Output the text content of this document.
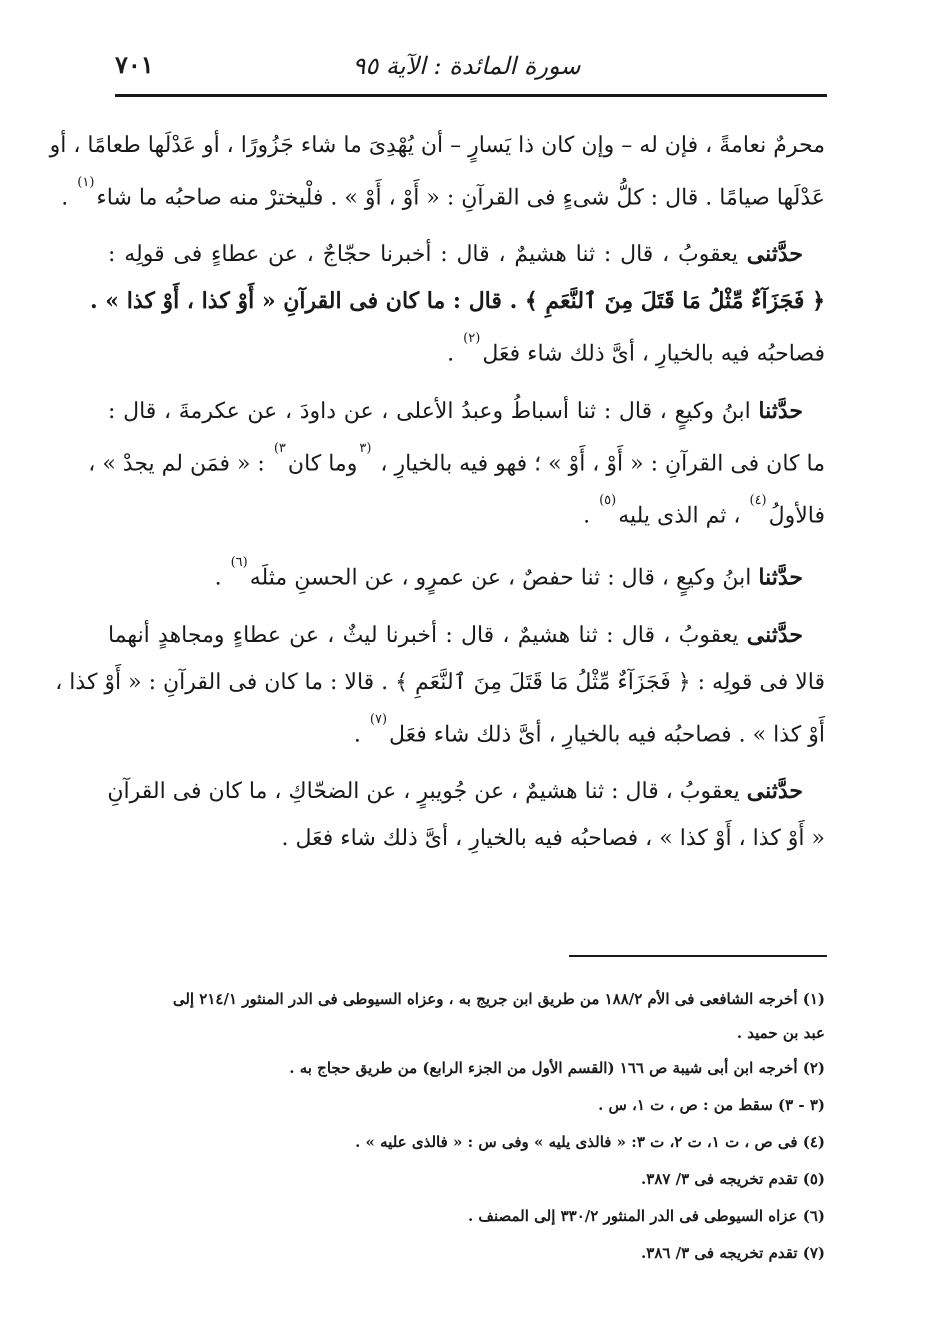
سورة المائدة : الآية ٩٥
٧٠١
محرمٌ نعامةً ، فإن له – وإن كان ذا يَسارٍ – أن يُهْدِىَ ما شاء جَزُورًا ، أو عَدْلَها طعامًا ، أو
عَدْلَها صيامًا . قال : كلُّ شىءٍ فى القرآنِ : « أَوْ ، أَوْ » . فلْيخترْ منه صاحبُه ما شاء$^{(١)}$ .
 حدَّثنى يعقوبُ ، قال : ثنا هشيمٌ ، قال : أخبرنا حجّاجٌ ، عن عطاءٍ فى قولِه :
﴿ فَجَزَآءٌ مِّثْلُ مَا قَتَلَ مِنَ ٱلنَّعَمِ ﴾ . قال : ما كان فى القرآنِ « أَوْ كذا ، أَوْ كذا » .
فصاحبُه فيه بالخيارِ ، أىَّ ذلك شاء فعَل$^{(٢)}$ .
 حدَّثنا ابنُ وكيعٍ ، قال : ثنا أسباطُ وعبدُ الأعلى ، عن داودَ ، عن عكرمةَ ، قال :
ما كان فى القرآنِ : « أَوْ ، أَوْ » ؛ فهو فيه بالخيارِ ، $^{(٣}$وما كان$^{٣)}$ : « فمَن لم يجدْ » ،
فالأولُ$^{(٤)}$ ، ثم الذى يليه$^{(٥)}$ .
 حدَّثنا ابنُ وكيعٍ ، قال : ثنا حفصٌ ، عن عمرٍو ، عن الحسنِ مثلَه$^{(٦)}$ .
 حدَّثنى يعقوبُ ، قال : ثنا هشيمٌ ، قال : أخبرنا ليثٌ ، عن عطاءٍ ومجاهدٍ أنهما
قالا فى قولِه : ﴿ فَجَزَآءٌ مِّثْلُ مَا قَتَلَ مِنَ ٱلنَّعَمِ ﴾ . قالا : ما كان فى القرآنِ : « أَوْ كذا ،
أَوْ كذا » . فصاحبُه فيه بالخيارِ ، أىَّ ذلك شاء فعَل$^{(٧)}$ .
 حدَّثنى يعقوبُ ، قال : ثنا هشيمٌ ، عن جُويبرٍ ، عن الضحّاكِ ، ما كان فى القرآنِ
« أَوْ كذا ، أَوْ كذا » ، فصاحبُه فيه بالخيارِ ، أىَّ ذلك شاء فعَل .
(١) أخرجه الشافعى فى الأم ١٨٨/٢ من طريق ابن جريج به ، وعزاه السيوطى فى الدر المنثور ٢١٤/١ إلى
عبد بن حميد .
(٢) أخرجه ابن أبى شيبة ص ١٦٦ (القسم الأول من الجزء الرابع) من طريق حجاج به .
(٣ - ٣) سقط من : ص ، ت ١، س .
(٤) فى ص ، ت ١، ت ٢، ت ٣: « فالذى يليه » وفى س : « فالذى عليه » .
(٥) تقدم تخريجه فى ٣/ ٣٨٧.
(٦) عزاه السيوطى فى الدر المنثور ٣٣٠/٢ إلى المصنف .
(٧) تقدم تخريجه فى ٣/ ٣٨٦.
